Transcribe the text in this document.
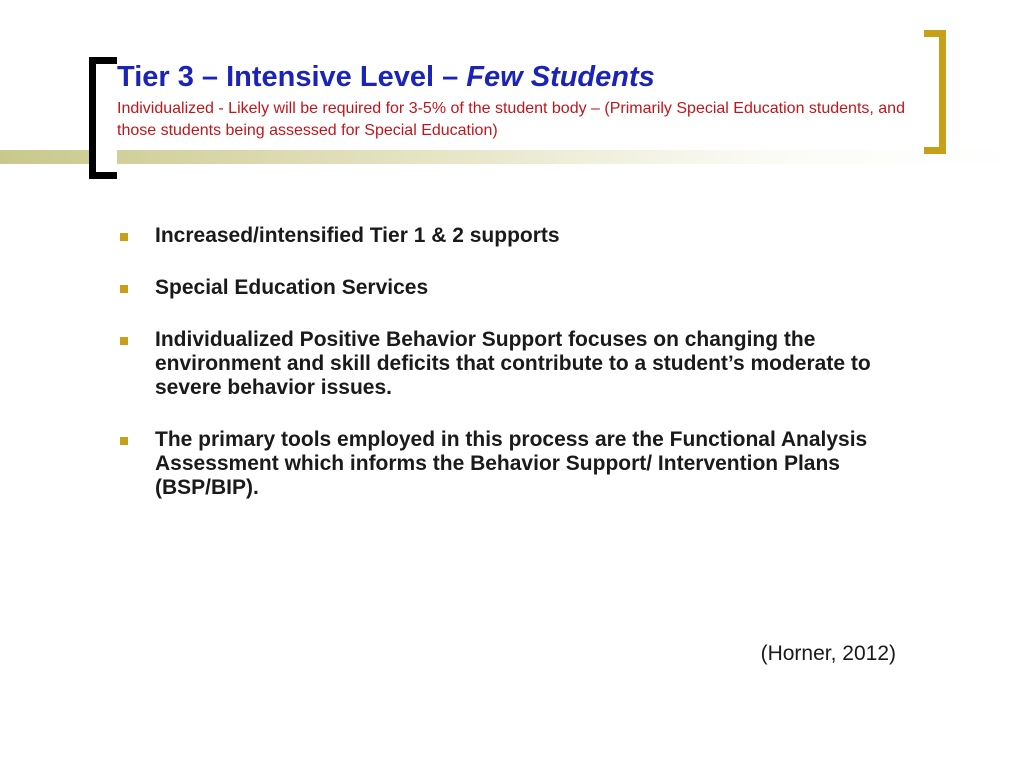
Tier 3 – Intensive Level – Few Students

Individualized - Likely will be required for 3-5% of the student body – (Primarily Special Education students, and those students being assessed for Special Education)

Increased/intensified Tier 1 & 2 supports
Special Education Services
Individualized Positive Behavior Support focuses on changing the environment and skill deficits that contribute to a student’s moderate to severe behavior issues.
The primary tools employed in this process are the Functional Analysis Assessment which informs the Behavior Support/ Intervention Plans (BSP/BIP).
(Horner, 2012)
